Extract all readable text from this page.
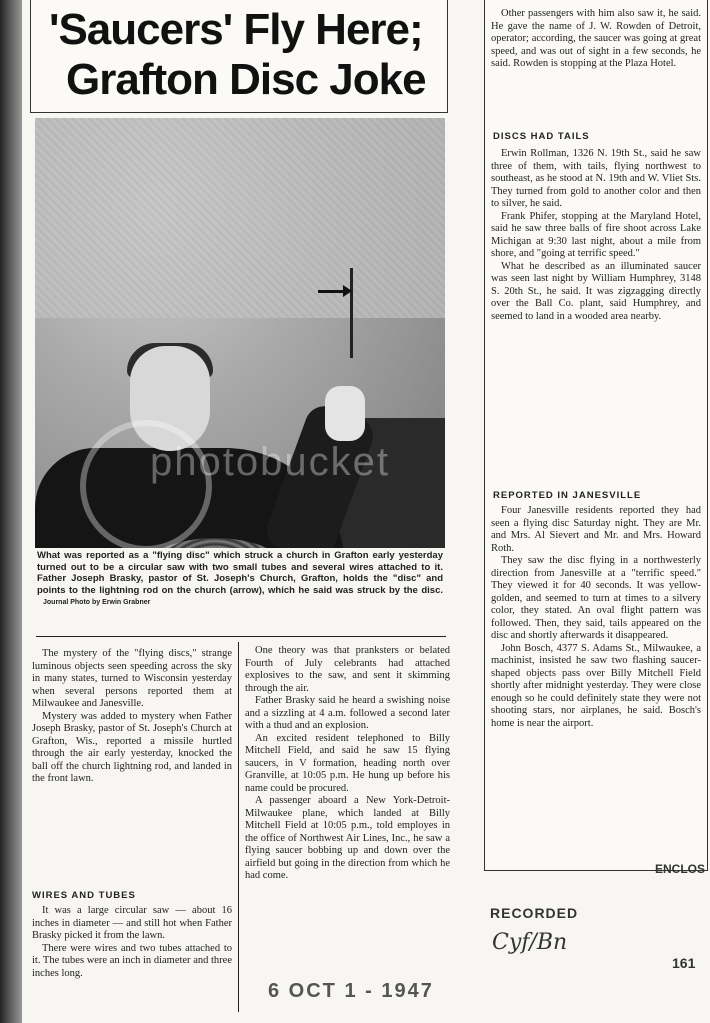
'Saucers' Fly Here;
Grafton Disc Joke
photobucket
What was reported as a "flying disc" which struck a church in Grafton early yesterday turned out to be a circular saw with two small tubes and several wires attached to it. Father Joseph Brasky, pastor of St. Joseph's Church, Grafton, holds the "disc" and points to the lightning rod on the church (arrow), which he said was struck by the disc. Journal Photo by Erwin Grabner

The mystery of the "flying discs," strange luminous objects seen speeding across the sky in many states, turned to Wisconsin yesterday when several persons reported them at Milwaukee and Janesville.

Mystery was added to mystery when Father Joseph Brasky, pastor of St. Joseph's Church at Grafton, Wis., reported a missile hurtled through the air early yesterday, knocked the ball off the church lightning rod, and landed in the front lawn.

WIRES AND TUBES

It was a large circular saw — about 16 inches in diameter — and still hot when Father Brasky picked it from the lawn.

There were wires and two tubes attached to it. The tubes were an inch in diameter and three inches long.

One theory was that pranksters or belated Fourth of July celebrants had attached explosives to the saw, and sent it skimming through the air.

Father Brasky said he heard a swishing noise and a sizzling at 4 a.m. followed a second later with a thud and an explosion.

An excited resident telephoned to Billy Mitchell Field, and said he saw 15 flying saucers, in V formation, heading north over Granville, at 10:05 p.m. He hung up before his name could be procured.

A passenger aboard a New York-Detroit-Milwaukee plane, which landed at Billy Mitchell Field at 10:05 p.m., told employes in the office of Northwest Air Lines, Inc., he saw a flying saucer bobbing up and down over the airfield but going in the direction from which he had come.

Other passengers with him also saw it, he said. He gave the name of J. W. Rowden of Detroit, operator; according, the saucer was going at great speed, and was out of sight in a few seconds, he said. Rowden is stopping at the Plaza Hotel.

DISCS HAD TAILS

Erwin Rollman, 1326 N. 19th St., said he saw three of them, with tails, flying northwest to southeast, as he stood at N. 19th and W. Vliet Sts. They turned from gold to another color and then to silver, he said.

Frank Phifer, stopping at the Maryland Hotel, said he saw three balls of fire shoot across Lake Michigan at 9:30 last night, about a mile from shore, and "going at terrific speed."

What he described as an illuminated saucer was seen last night by William Humphrey, 3148 S. 20th St., he said. It was zigzagging directly over the Ball Co. plant, said Humphrey, and seemed to land in a wooded area nearby.

REPORTED IN JANESVILLE

Four Janesville residents reported they had seen a flying disc Saturday night. They are Mr. and Mrs. Al Sievert and Mr. and Mrs. Howard Roth.

They saw the disc flying in a northwesterly direction from Janesville at a "terrific speed." They viewed it for 40 seconds. It was yellow-golden, and seemed to turn at times to a silvery color, they stated. An oval flight pattern was followed. Then, they said, tails appeared on the disc and shortly afterwards it disappeared.

John Bosch, 4377 S. Adams St., Milwaukee, a machinist, insisted he saw two flashing saucer-shaped objects pass over Billy Mitchell Field shortly after midnight yesterday. They were close enough so he could definitely state they were not shooting stars, nor airplanes, he said. Bosch's home is near the airport.

ENCLOS
RECORDED
Cyf/Bn
161
6 OCT 1 - 1947
